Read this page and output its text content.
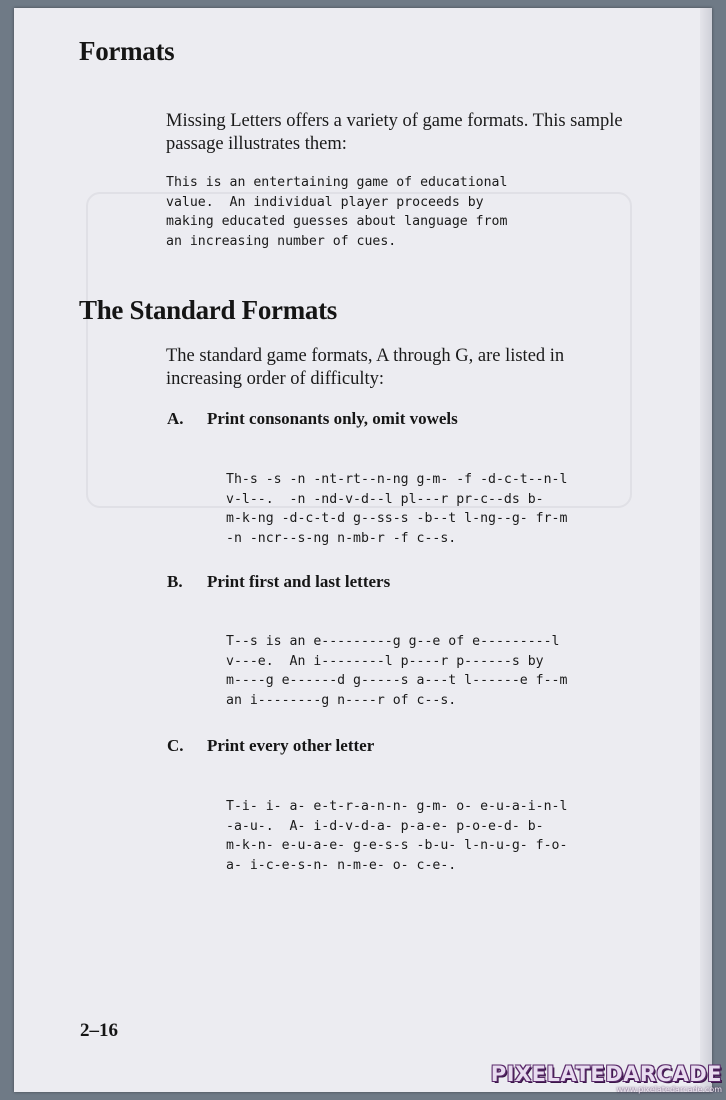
Formats

Missing Letters offers a variety of game formats. This sample passage illustrates them:

This is an entertaining game of educational
value.  An individual player proceeds by
making educated guesses about language from
an increasing number of cues.
The Standard Formats

The standard game formats, A through G, are listed in increasing order of difficulty:

A. Print consonants only, omit vowels
Th-s -s -n -nt-rt--n-ng g-m- -f -d-c-t--n-l
v-l--.  -n -nd-v-d--l pl---r pr-c--ds b-
m-k-ng -d-c-t-d g--ss-s -b--t l-ng--g- fr-m
-n -ncr--s-ng n-mb-r -f c--s.
B. Print first and last letters
T--s is an e---------g g--e of e---------l
v---e.  An i--------l p----r p------s by
m----g e------d g-----s a---t l------e f--m
an i--------g n----r of c--s.
C. Print every other letter
T-i- i- a- e-t-r-a-n-n- g-m- o- e-u-a-i-n-l
-a-u-.  A- i-d-v-d-a- p-a-e- p-o-e-d- b-
m-k-n- e-u-a-e- g-e-s-s -b-u- l-n-u-g- f-o-
a- i-c-e-s-n- n-m-e- o- c-e-.

2–16

PIXELATEDARCADE
www.pixelatedarcade.com
